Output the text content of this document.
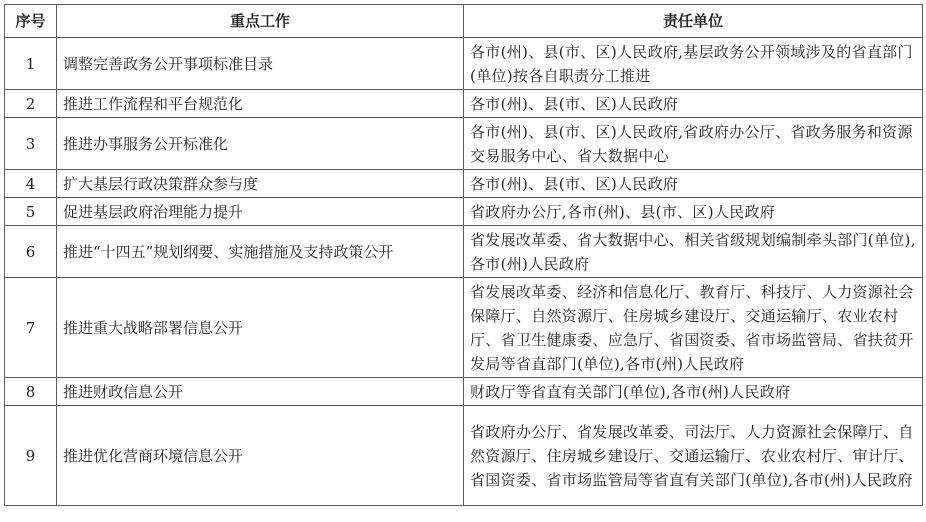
序号	重点工作	责任单位
1	调整完善政务公开事项标准目录	各市(州)、县(市、区)人民政府,基层政务公开领域涉及的省直部门(单位)按各自职责分工推进
2	推进工作流程和平台规范化	各市(州)、县(市、区)人民政府
3	推进办事服务公开标准化	各市(州)、县(市、区)人民政府,省政府办公厅、省政务服务和资源交易服务中心、省大数据中心
4	扩大基层行政决策群众参与度	各市(州)、县(市、区)人民政府
5	促进基层政府治理能力提升	省政府办公厅,各市(州)、县(市、区)人民政府
6	推进“十四五”规划纲要、实施措施及支持政策公开	省发展改革委、省大数据中心、相关省级规划编制牵头部门(单位),各市(州)人民政府
7	推进重大战略部署信息公开	省发展改革委、经济和信息化厅、教育厅、科技厅、人力资源社会保障厅、自然资源厅、住房城乡建设厅、交通运输厅、农业农村厅、省卫生健康委、应急厅、省国资委、省市场监管局、省扶贫开发局等省直部门(单位),各市(州)人民政府
8	推进财政信息公开	财政厅等省直有关部门(单位),各市(州)人民政府
9	推进优化营商环境信息公开	省政府办公厅、省发展改革委、司法厅、人力资源社会保障厅、自然资源厅、住房城乡建设厅、交通运输厅、农业农村厅、审计厅、省国资委、省市场监管局等省直有关部门(单位),各市(州)人民政府
